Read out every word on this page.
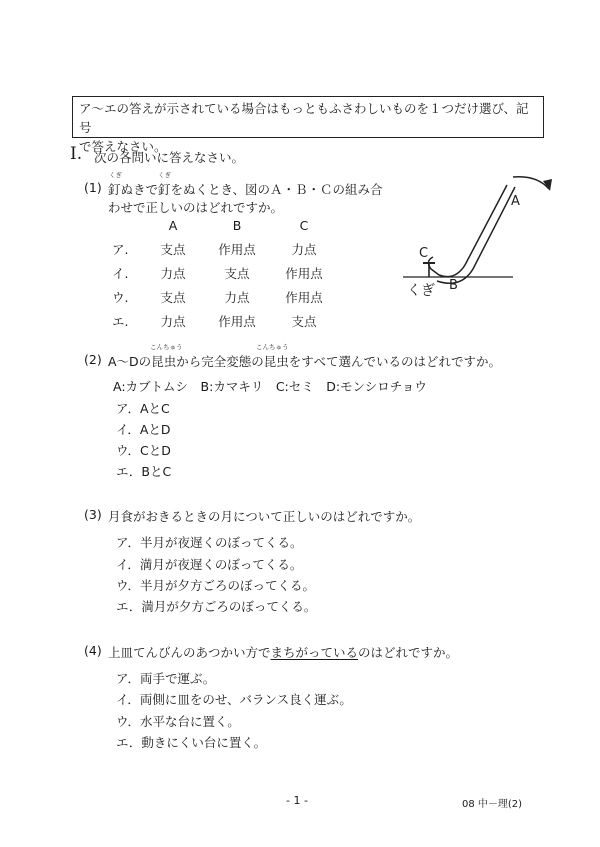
ア〜エの答えが示されている場合はもっともふさわしいものを１つだけ選び、記号
で答えなさい。
I. 次の各問いに答えなさい。
(1)
くぎ	くぎ
釘ぬきで釘をぬくとき、図のＡ・Ｂ・Ｃの組み合
わせで正しいのはどれですか。
	A	B	C
ア.	支点	作用点	力点
イ.	力点	支点	作用点
ウ.	支点	力点	作用点
エ.	力点	作用点	支点
A
C
B
くぎ
(2)
こんちゅう	こんちゅう
A〜Dの昆虫から完全変態の昆虫をすべて選んでいるのはどれですか。
A:カブトムシ　B:カマキリ　C:セミ　D:モンシロチョウ
ア．AとC
イ．AとD
ウ．CとD
エ．BとC
(3) 月食がおきるときの月について正しいのはどれですか。
ア．半月が夜遅くのぼってくる。
イ．満月が夜遅くのぼってくる。
ウ．半月が夕方ごろのぼってくる。
エ．満月が夕方ごろのぼってくる。
(4) 上皿てんびんのあつかい方でまちがっているのはどれですか。
ア．両手で運ぶ。
イ．両側に皿をのせ、バランス良く運ぶ。
ウ．水平な台に置く。
エ．動きにくい台に置く。
- 1 -	08 中－理(2)
